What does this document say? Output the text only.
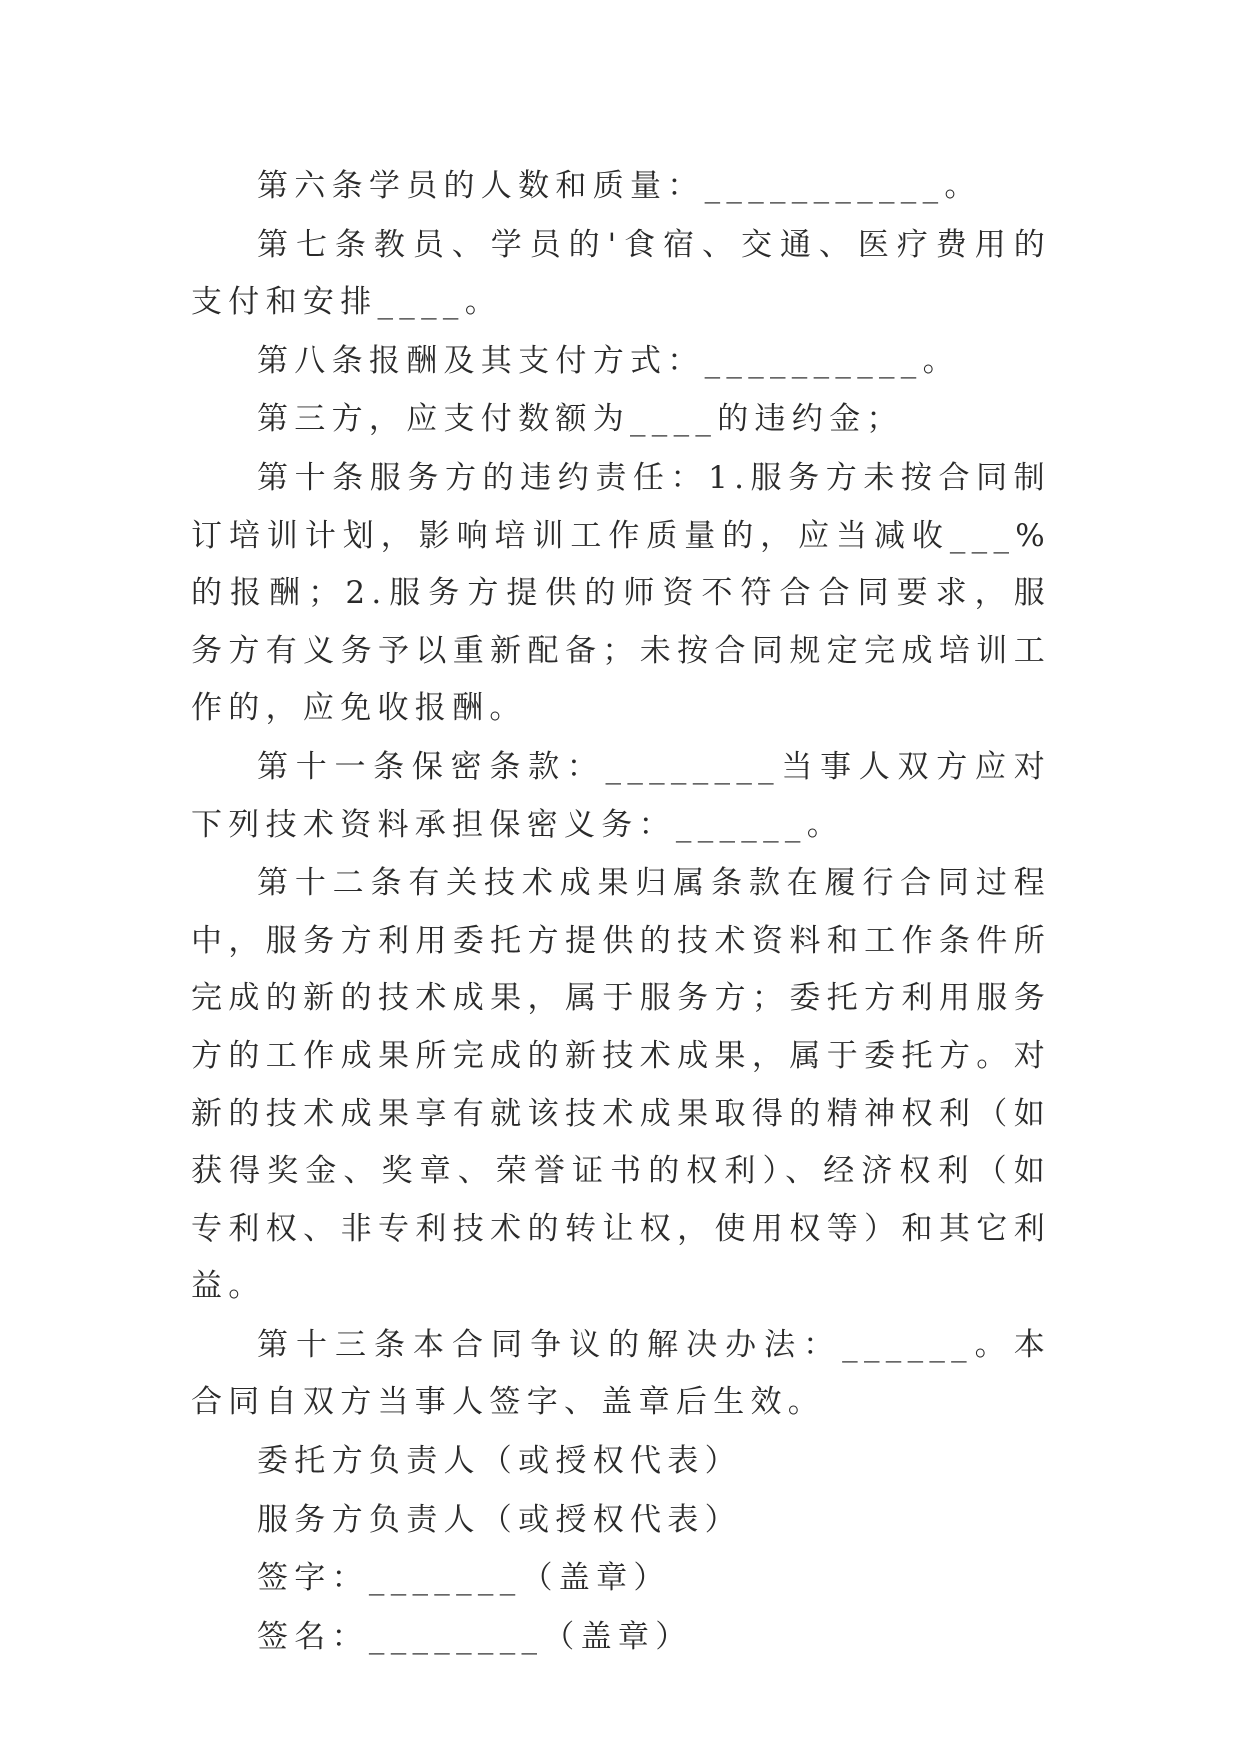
第六条学员的人数和质量：___________。

第七条教员、学员的'食宿、交通、医疗费用的支付和安排____。

第八条报酬及其支付方式：__________。

第三方，应支付数额为____的违约金；

第十条服务方的违约责任：1.服务方未按合同制订培训计划，影响培训工作质量的，应当减收___%的报酬；2.服务方提供的师资不符合合同要求，服务方有义务予以重新配备；未按合同规定完成培训工作的，应免收报酬。

第十一条保密条款：________当事人双方应对下列技术资料承担保密义务：______。

第十二条有关技术成果归属条款在履行合同过程中，服务方利用委托方提供的技术资料和工作条件所完成的新的技术成果，属于服务方；委托方利用服务方的工作成果所完成的新技术成果，属于委托方。对新的技术成果享有就该技术成果取得的精神权利（如获得奖金、奖章、荣誉证书的权利）、经济权利（如专利权、非专利技术的转让权，使用权等）和其它利益。

第十三条本合同争议的解决办法：______。本合同自双方当事人签字、盖章后生效。

委托方负责人（或授权代表）

服务方负责人（或授权代表）

签字：_______（盖章）

签名：________（盖章）
